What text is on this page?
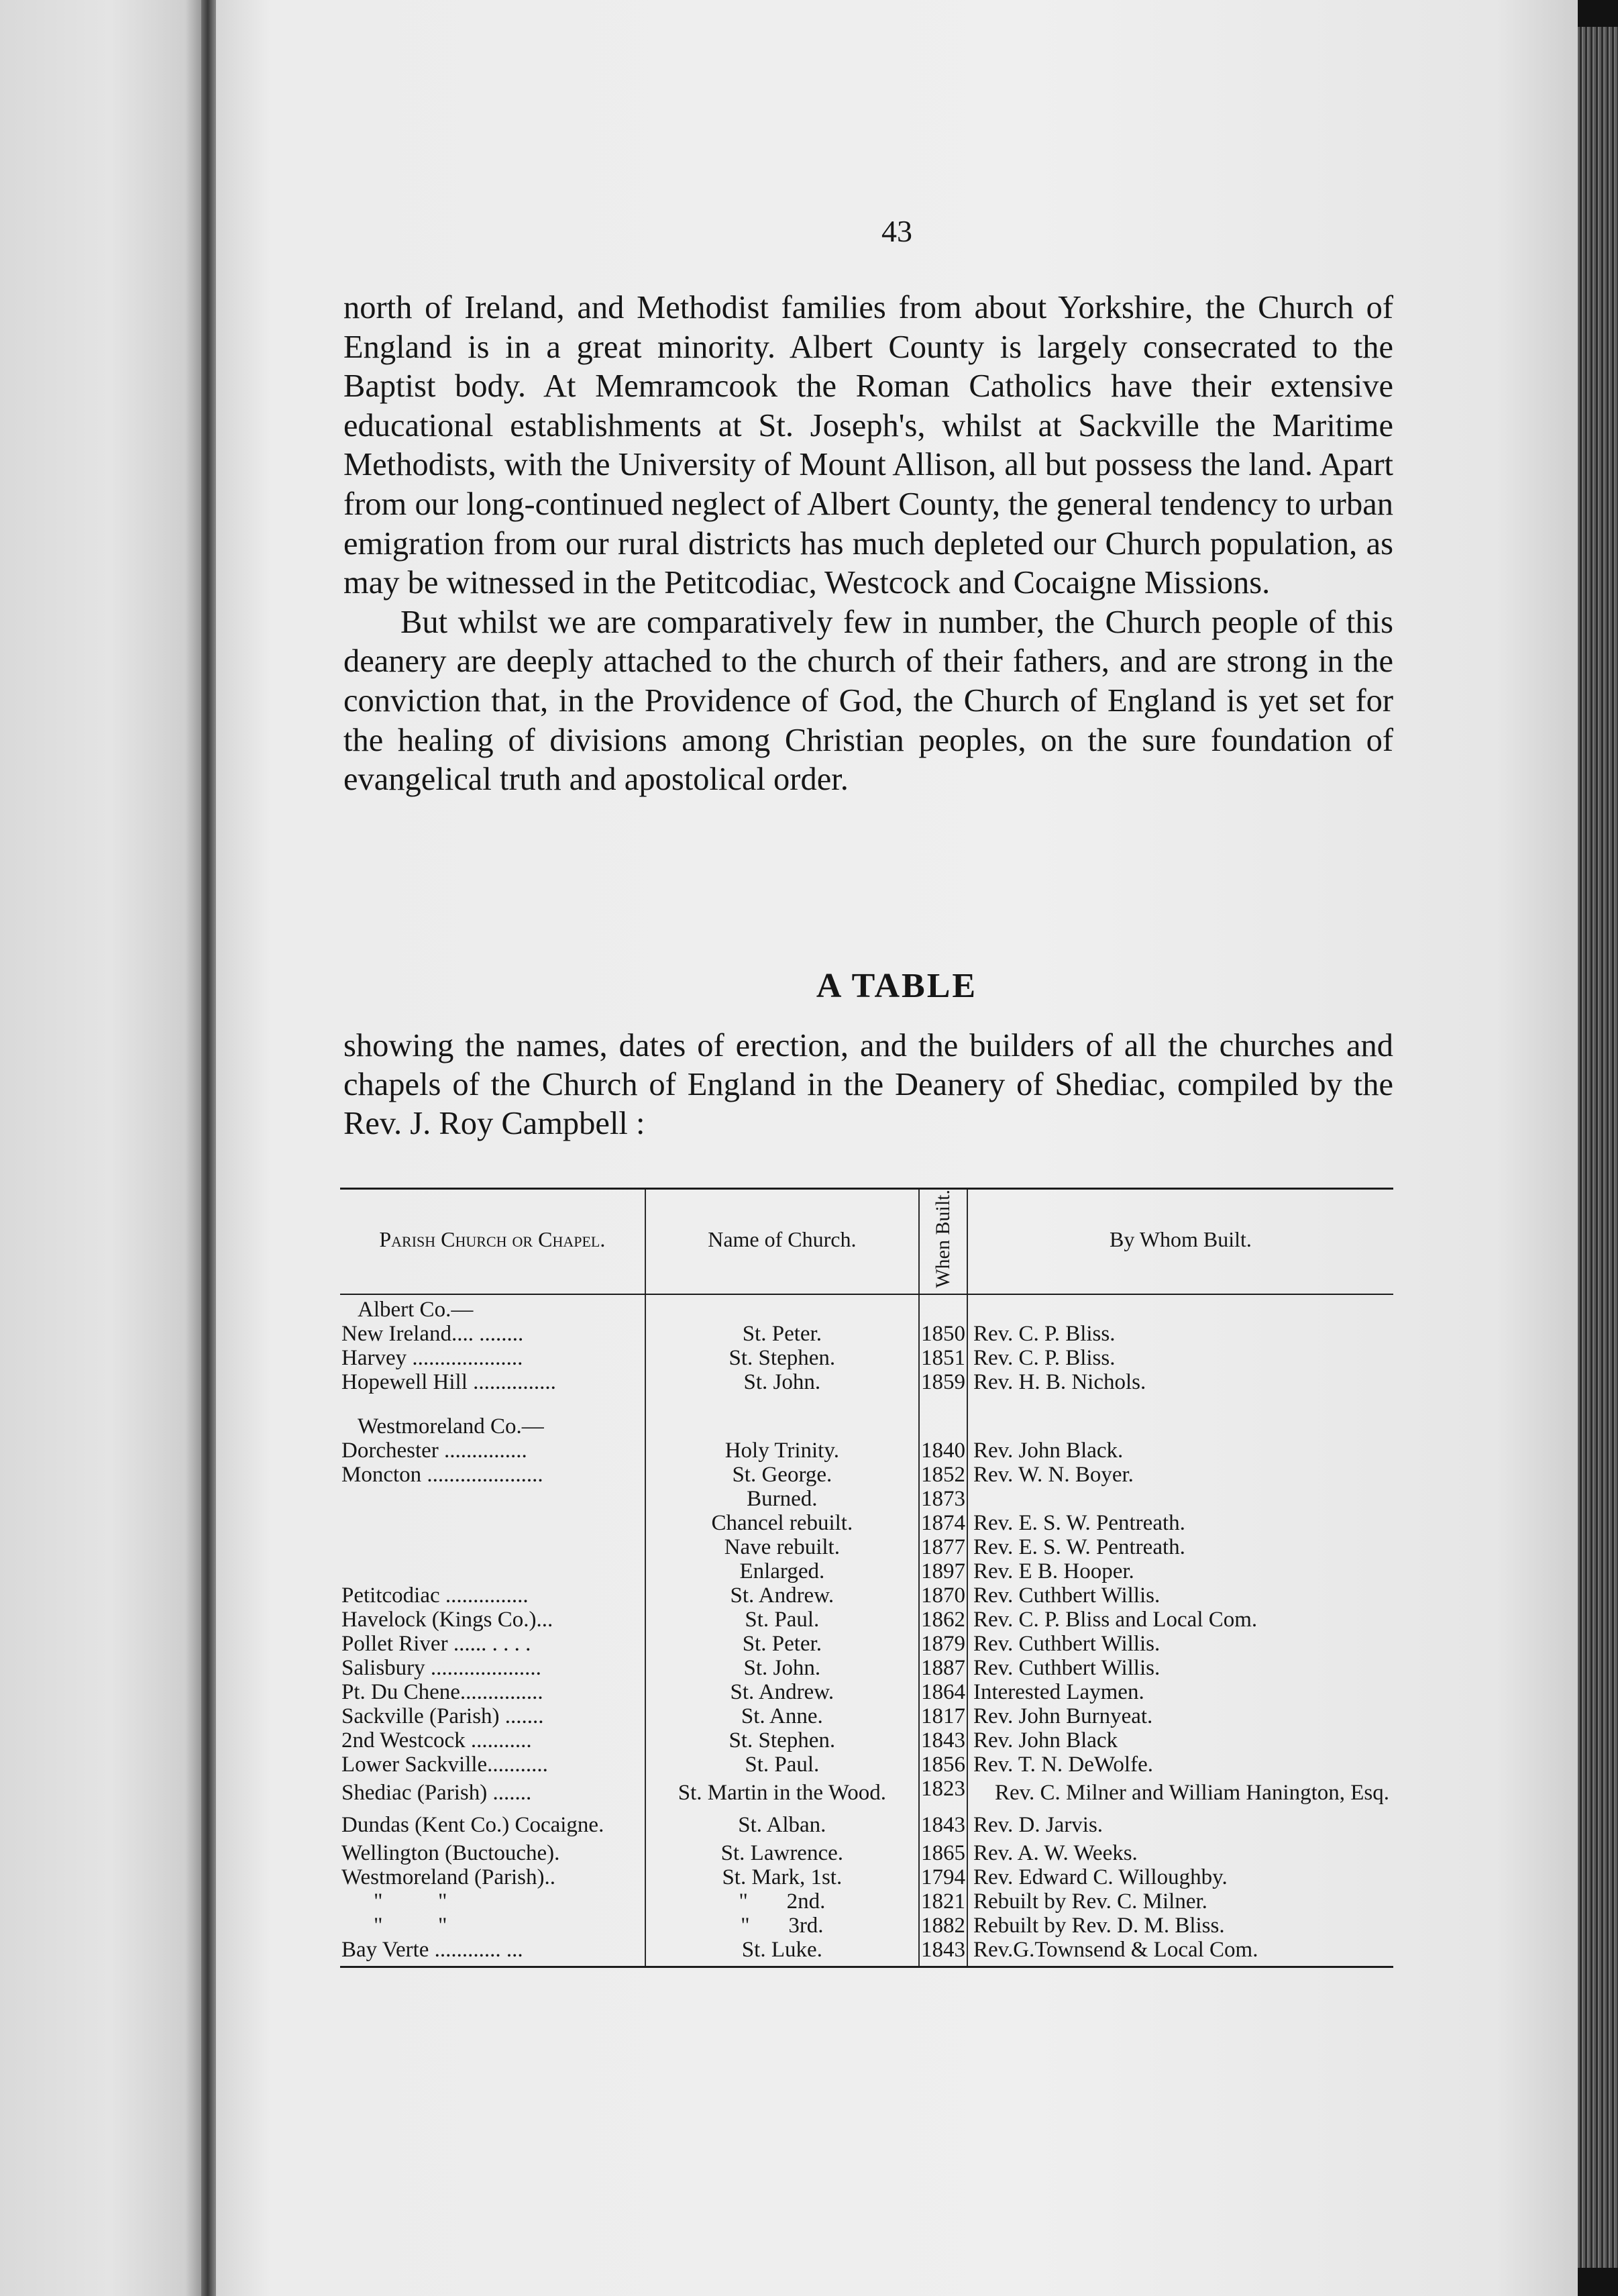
43

north of Ireland, and Methodist families from about Yorkshire, the Church of England is in a great minority. Albert County is largely consecrated to the Baptist body. At Memramcook the Roman Catholics have their extensive educational establishments at St. Joseph's, whilst at Sackville the Maritime Methodists, with the University of Mount Allison, all but possess the land. Apart from our long-continued neglect of Albert County, the general tendency to urban emigration from our rural districts has much depleted our Church population, as may be witnessed in the Petitcodiac, Westcock and Cocaigne Missions.

But whilst we are comparatively few in number, the Church people of this deanery are deeply attached to the church of their fathers, and are strong in the conviction that, in the Providence of God, the Church of England is yet set for the healing of divisions among Christian peoples, on the sure foundation of evangelical truth and apostolical order.

A TABLE

showing the names, dates of erection, and the builders of all the churches and chapels of the Church of England in the Deanery of Shediac, compiled by the Rev. J. Roy Campbell :

Parish Church or Chapel.	Name of Church.	When Built.	By Whom Built.
Albert Co.—			
New Ireland.... ........	St. Peter.	1850	Rev. C. P. Bliss.
Harvey ....................	St. Stephen.	1851	Rev. C. P. Bliss.
Hopewell Hill ...............	St. John.	1859	Rev. H. B. Nichols.

Westmoreland Co.—			
Dorchester ...............	Holy Trinity.	1840	Rev. John Black.
Moncton .....................	St. George.	1852	Rev. W. N. Boyer.
	Burned.	1873	
	Chancel rebuilt.	1874	Rev. E. S. W. Pentreath.
	Nave rebuilt.	1877	Rev. E. S. W. Pentreath.
	Enlarged.	1897	Rev. E B. Hooper.
Petitcodiac ...............	St. Andrew.	1870	Rev. Cuthbert Willis.
Havelock (Kings Co.)...	St. Paul.	1862	Rev. C. P. Bliss and Local Com.
Pollet River ...... . . . .	St. Peter.	1879	Rev. Cuthbert Willis.
Salisbury ....................	St. John.	1887	Rev. Cuthbert Willis.
Pt. Du Chene...............	St. Andrew.	1864	Interested Laymen.
Sackville (Parish) .......	St. Anne.	1817	Rev. John Burnyeat.
2nd Westcock ...........	St. Stephen.	1843	Rev. John Black
Lower Sackville...........	St. Paul.	1856	Rev. T. N. DeWolfe.
Shediac (Parish) .......	St. Martin in the Wood.	1823	Rev. C. Milner and William Hanington, Esq.
Dundas (Kent Co.) Cocaigne.	St. Alban.	1843	Rev. D. Jarvis.
Wellington (Buctouche).	St. Lawrence.	1865	Rev. A. W. Weeks.
Westmoreland (Parish)..	St. Mark, 1st.	1794	Rev. Edward C. Willoughby.
"          "	"       2nd.	1821	Rebuilt by Rev. C. Milner.
"          "	"       3rd.	1882	Rebuilt by Rev. D. M. Bliss.
Bay Verte ............ ...	St. Luke.	1843	Rev.G.Townsend & Local Com.
